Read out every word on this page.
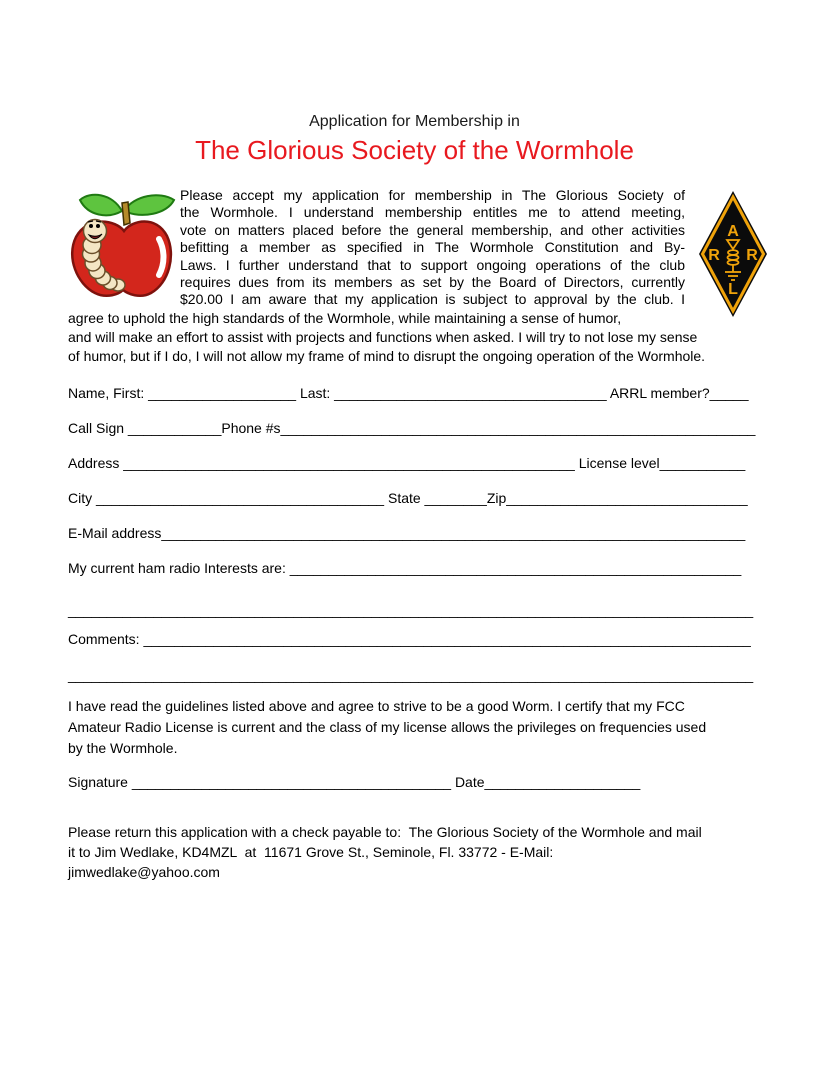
Application for Membership in
The Glorious Society of the Wormhole
A
R R
L
Please accept my application for membership in The Glorious Society of
the Wormhole. I understand membership entitles me to attend meeting,
vote on matters placed before the general membership, and other activities
befitting a member as specified in The Wormhole Constitution and By-
Laws. I further understand that to support ongoing operations of the club
requires dues from its members as set by the Board of Directors, currently
$20.00 I am aware that my application is subject to approval by the club. I
agree to uphold the high standards of the Wormhole, while maintaining a sense of humor,
and will make an effort to assist with projects and functions when asked. I will try to not lose my sense
of humor, but if I do, I will not allow my frame of mind to disrupt the ongoing operation of the Wormhole.
Name, First: ___________________ Last: ___________________________________ ARRL member?_____
Call Sign ____________Phone #s_____________________________________________________________
Address __________________________________________________________ License level___________
City _____________________________________ State ________Zip_______________________________
E-Mail address___________________________________________________________________________
My current ham radio Interests are: __________________________________________________________
________________________________________________________________________________________
Comments: ______________________________________________________________________________
________________________________________________________________________________________
I have read the guidelines listed above and agree to strive to be a good Worm. I certify that my FCC
Amateur Radio License is current and the class of my license allows the privileges on frequencies used
by the Wormhole.
Signature _________________________________________ Date____________________
Please return this application with a check payable to:  The Glorious Society of the Wormhole and mail
it to Jim Wedlake, KD4MZL  at  11671 Grove St., Seminole, Fl. 33772 - E-Mail:
jimwedlake@yahoo.com
